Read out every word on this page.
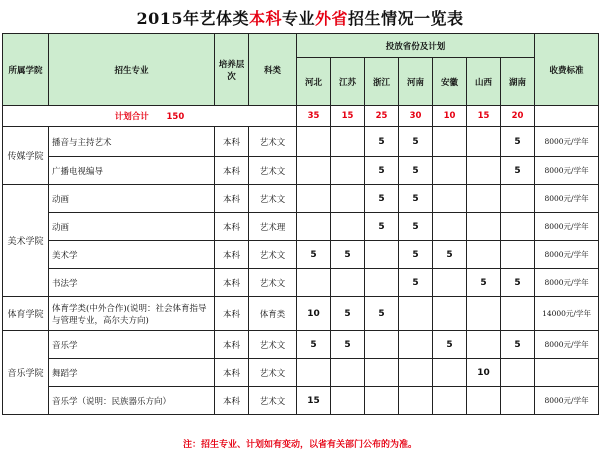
2015年艺体类本科专业外省招生情况一览表
所属学院	招生专业	培养层次	科类	投放省份及计划							收费标准
				河北	江苏	浙江	河南	安徽	山西	湖南	
计划合计 150				35	15	25	30	10	15	20	
传媒学院	播音与主持艺术	本科	艺术文			5	5			5	8000元/学年
	广播电视编导	本科	艺术文			5	5			5	8000元/学年
美术学院	动画	本科	艺术文			5	5				8000元/学年
	动画	本科	艺术理			5	5				8000元/学年
	美术学	本科	艺术文	5	5		5	5			8000元/学年
	书法学	本科	艺术文				5		5	5	8000元/学年
体育学院	体育学类(中外合作)(说明：社会体育指导与管理专业，高尔夫方向)	本科	体育类	10	5	5					14000元/学年
音乐学院	音乐学	本科	艺术文	5	5			5		5	8000元/学年
	舞蹈学	本科	艺术文						10		
	音乐学（说明：民族器乐方向）	本科	艺术文	15							8000元/学年
注：招生专业、计划如有变动，以省有关部门公布的为准。
